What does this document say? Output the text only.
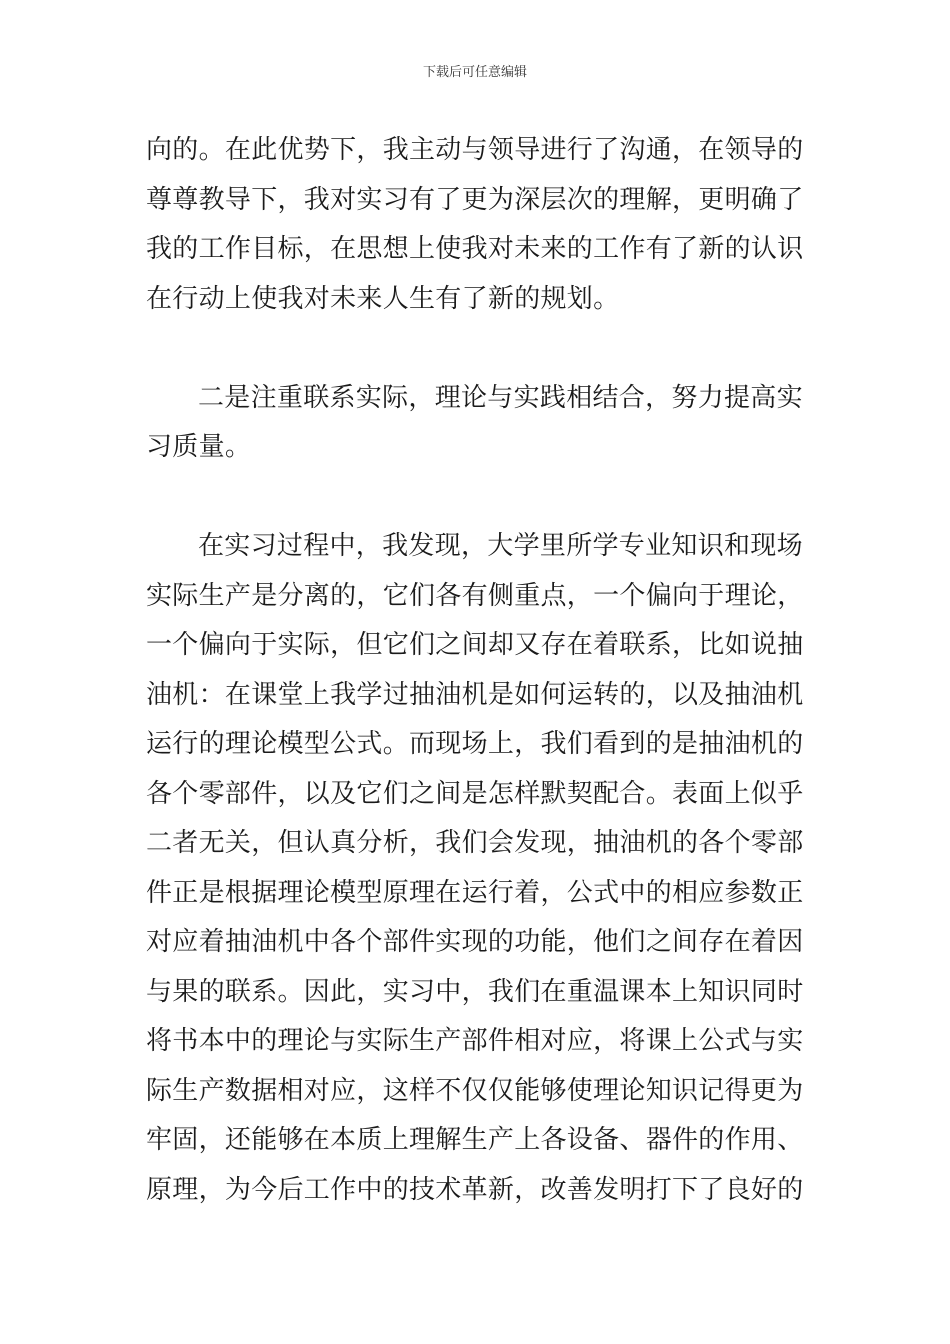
下载后可任意编辑
向的。在此优势下，我主动与领导进行了沟通，在领导的
尊尊教导下，我对实习有了更为深层次的理解，更明确了
我的工作目标，在思想上使我对未来的工作有了新的认识
在行动上使我对未来人生有了新的规划。
二是注重联系实际，理论与实践相结合，努力提高实
习质量。
在实习过程中，我发现，大学里所学专业知识和现场
实际生产是分离的，它们各有侧重点，一个偏向于理论，
一个偏向于实际，但它们之间却又存在着联系，比如说抽
油机：在课堂上我学过抽油机是如何运转的，以及抽油机
运行的理论模型公式。而现场上，我们看到的是抽油机的
各个零部件，以及它们之间是怎样默契配合。表面上似乎
二者无关，但认真分析，我们会发现，抽油机的各个零部
件正是根据理论模型原理在运行着，公式中的相应参数正
对应着抽油机中各个部件实现的功能，他们之间存在着因
与果的联系。因此，实习中，我们在重温课本上知识同时
将书本中的理论与实际生产部件相对应，将课上公式与实
际生产数据相对应，这样不仅仅能够使理论知识记得更为
牢固，还能够在本质上理解生产上各设备、器件的作用、
原理，为今后工作中的技术革新，改善发明打下了良好的
